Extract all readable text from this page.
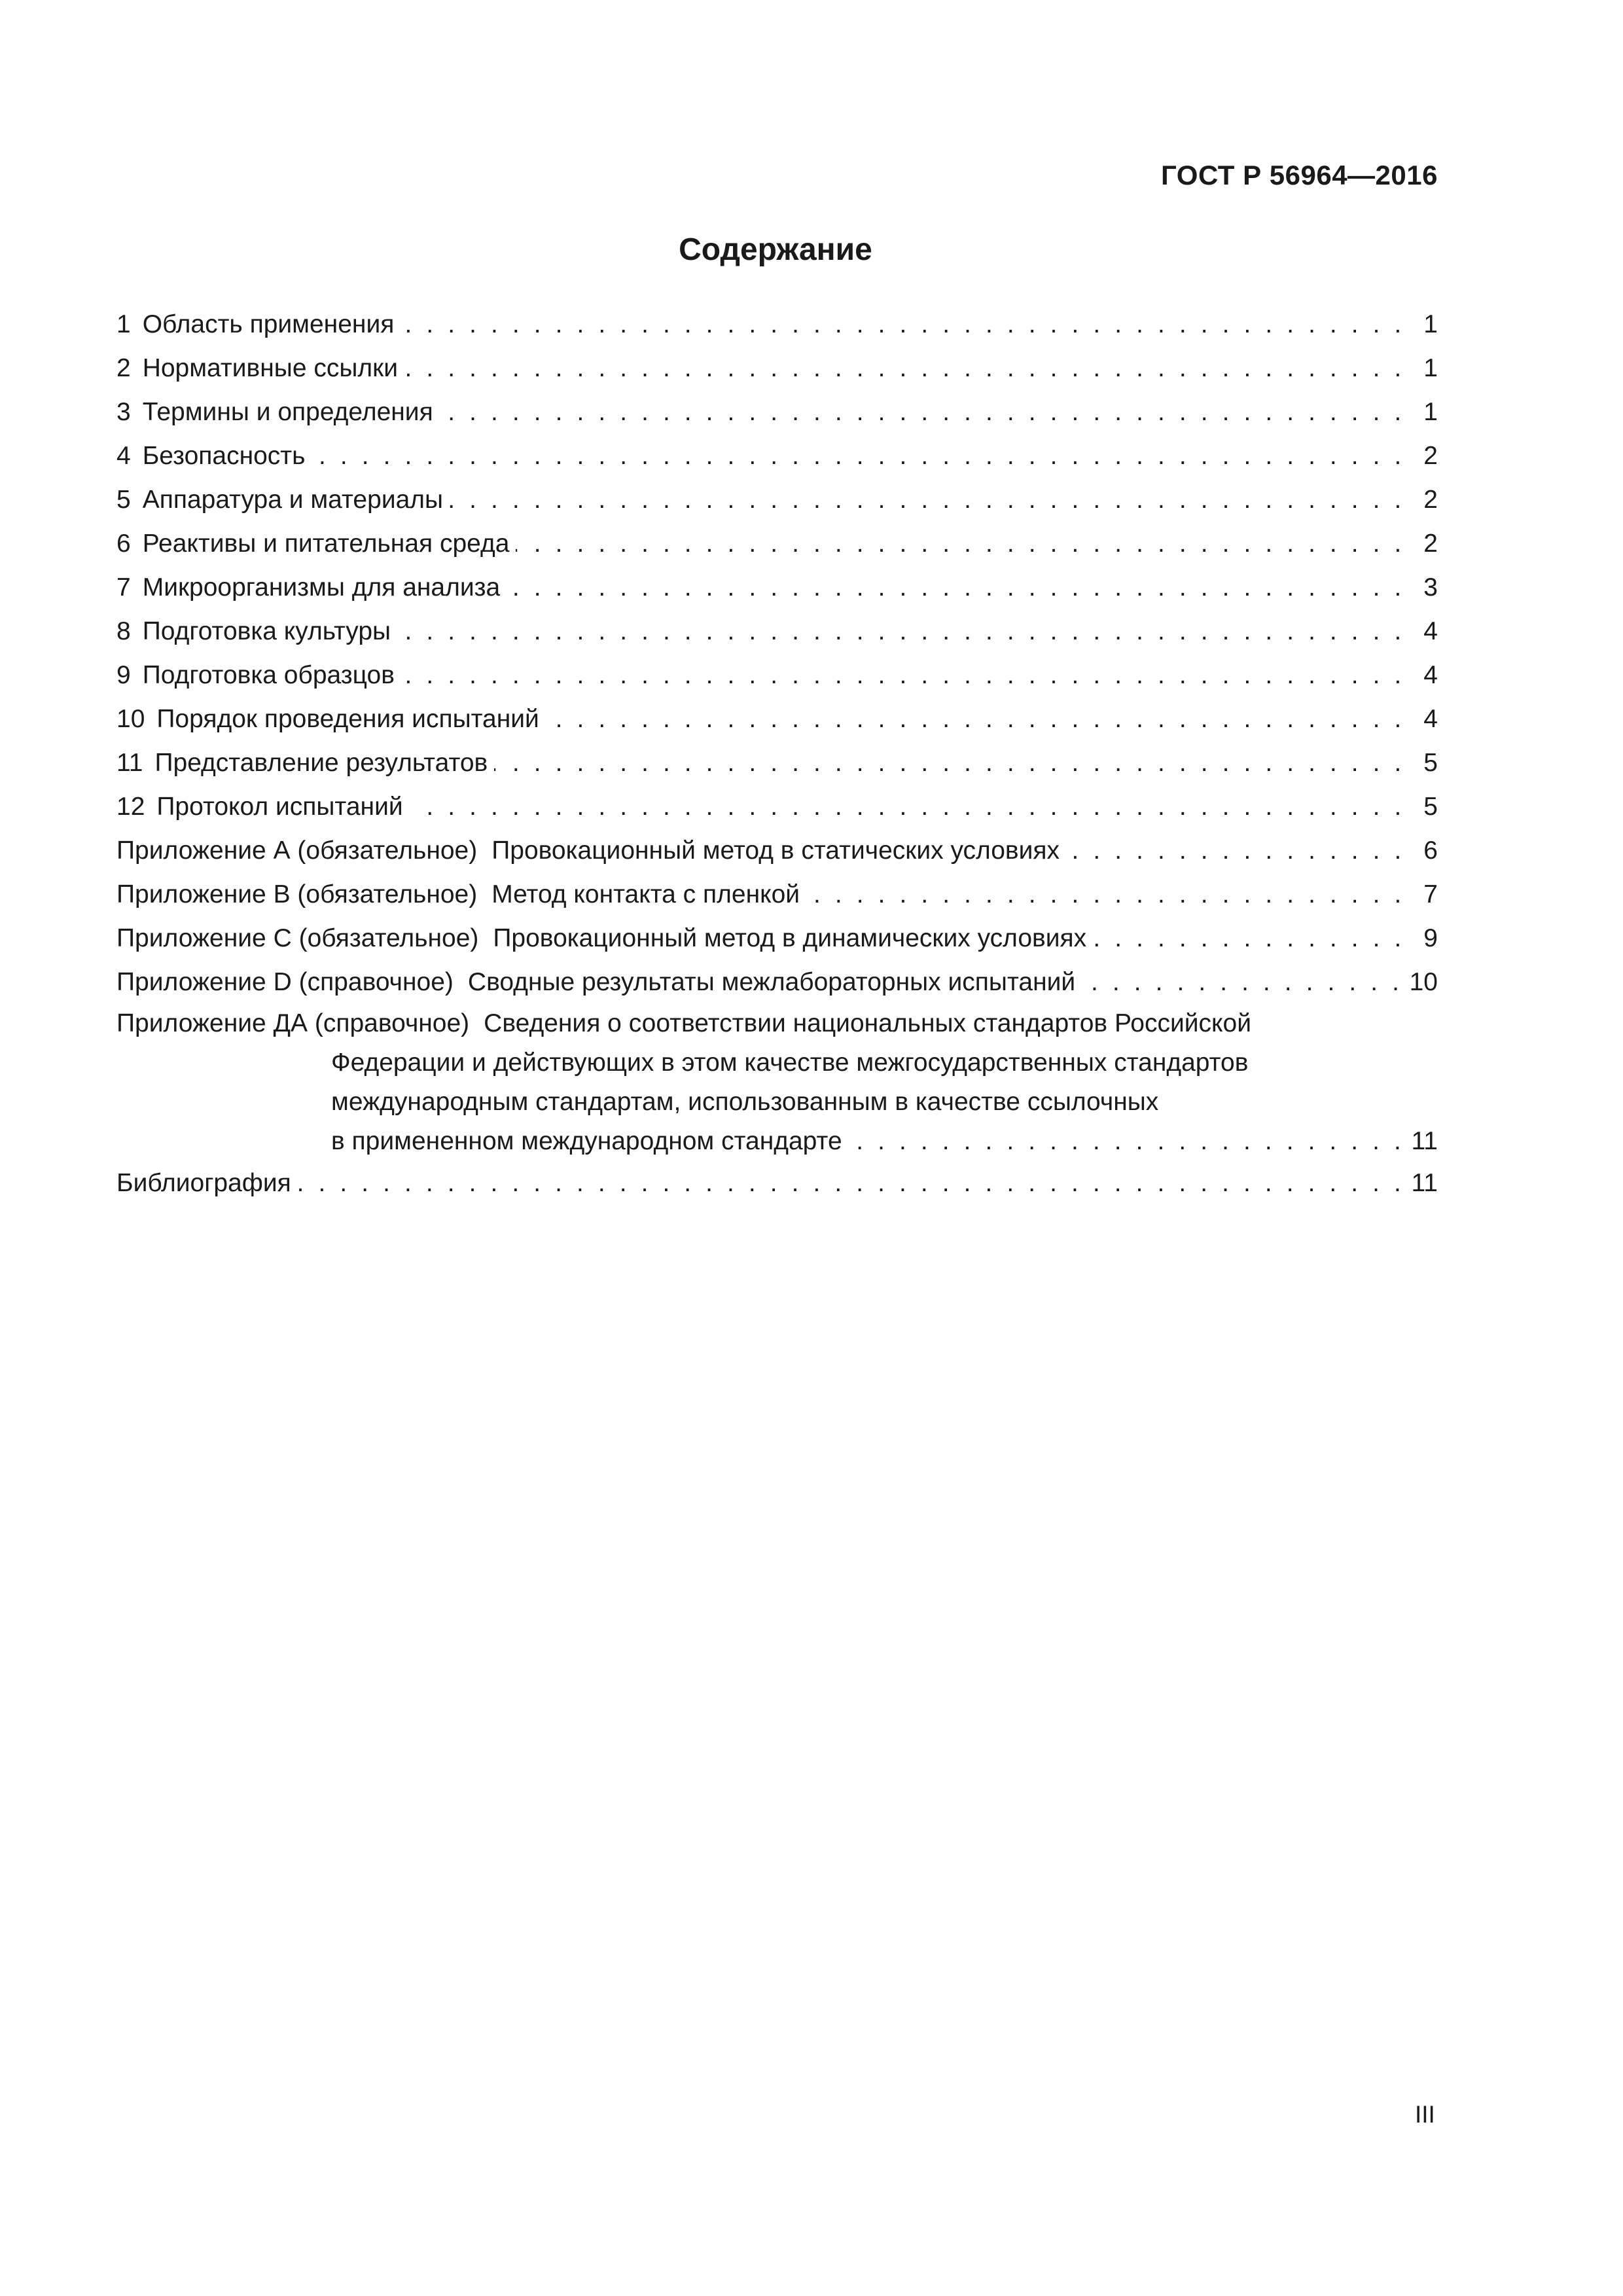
ГОСТ Р 56964—2016
Содержание
1 Область применения . . .	1
2 Нормативные ссылки . . .	1
3 Термины и определения . . .	1
4 Безопасность . . .	2
5 Аппаратура и материалы . . .	2
6 Реактивы и питательная среда . . .	2
7 Микроорганизмы для анализа . . .	3
8 Подготовка культуры . . .	4
9 Подготовка образцов . . .	4
10 Порядок проведения испытаний . . .	4
11 Представление результатов . . .	5
12 Протокол испытаний . . .	5
Приложение А (обязательное) Провокационный метод в статических условиях . . .	6
Приложение В (обязательное) Метод контакта с пленкой . . .	7
Приложение С (обязательное) Провокационный метод в динамических условиях . . .	9
Приложение D (справочное) Сводные результаты межлабораторных испытаний . . .	10
Приложение ДА (справочное) Сведения о соответствии национальных стандартов Российской
Федерации и действующих в этом качестве межгосударственных стандартов
международным стандартам, использованным в качестве ссылочных
в примененном международном стандарте . . .	11
Библиография . . .	11
III
